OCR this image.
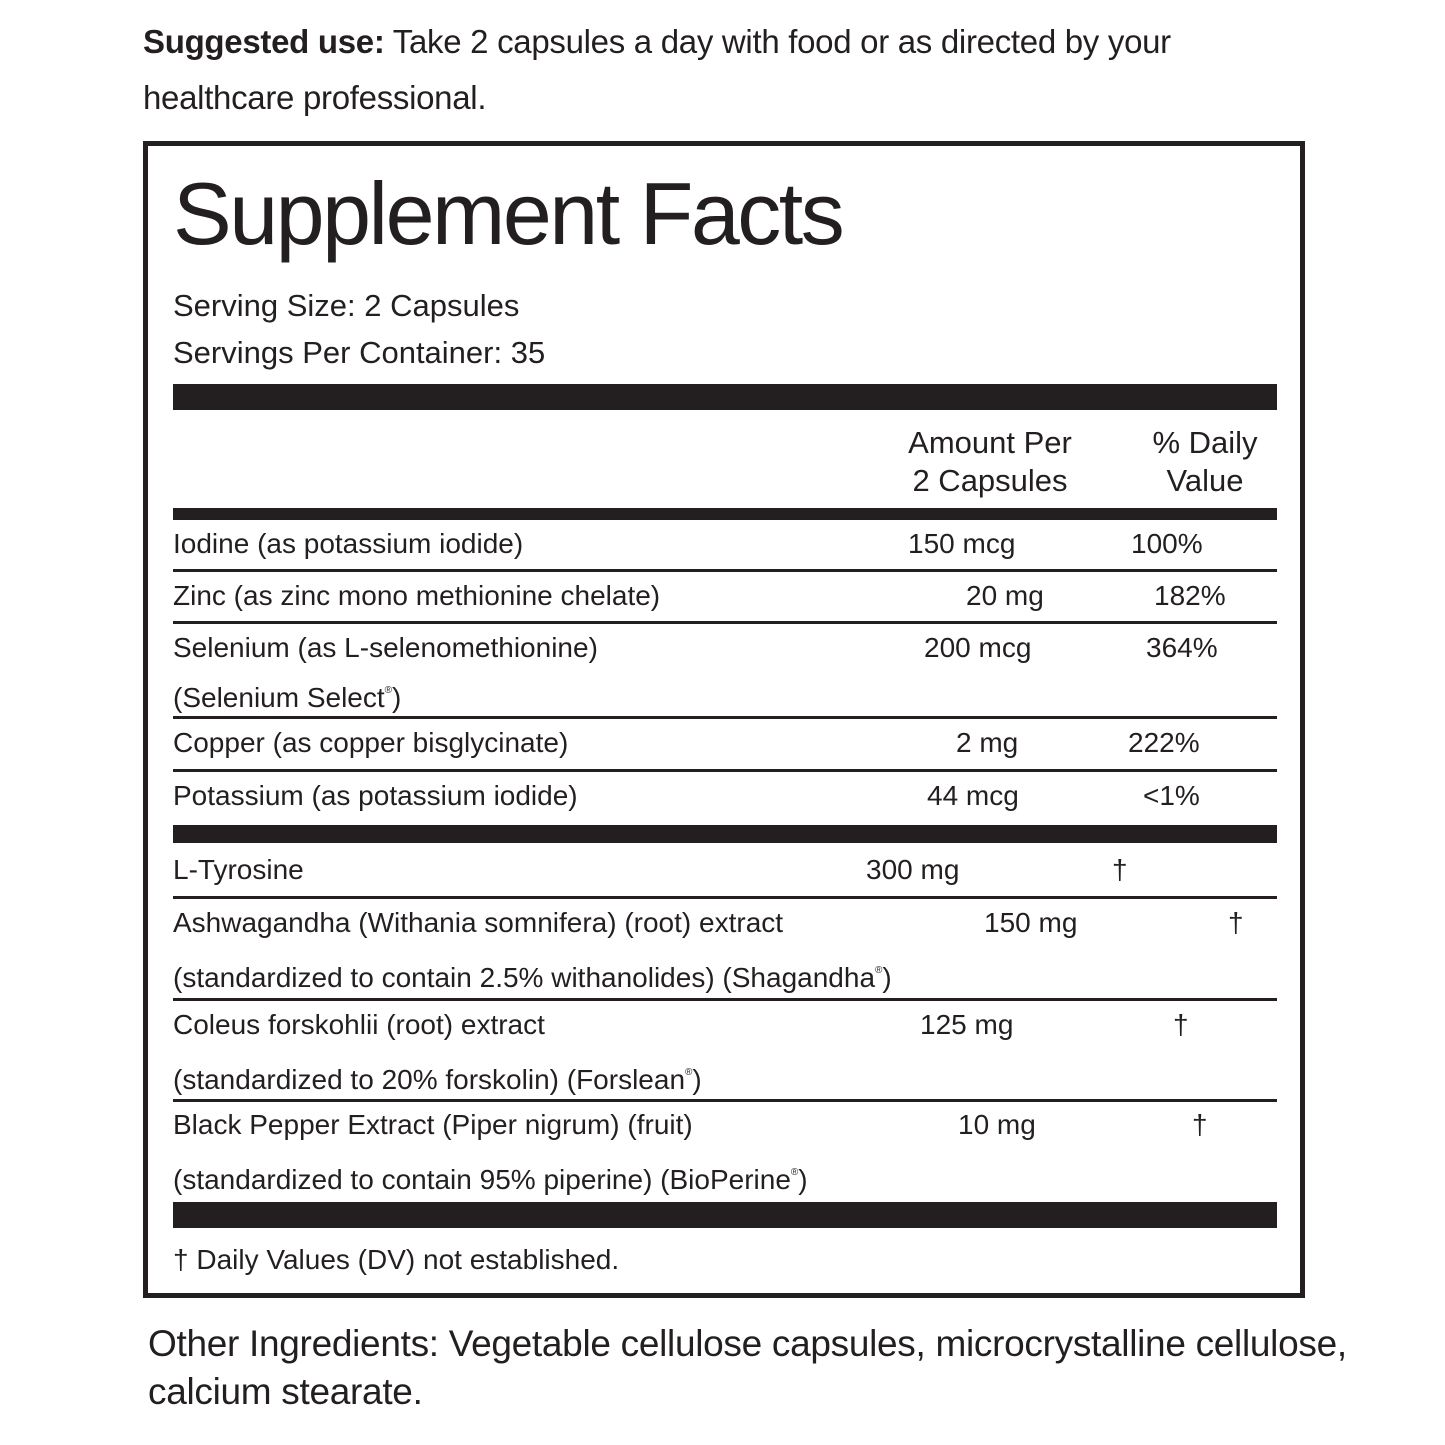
Suggested use: Take 2 capsules a day with food or as directed by your healthcare professional.
Supplement Facts
Serving Size: 2 Capsules
Servings Per Container: 35
Amount Per
2 Capsules
% Daily
Value
Iodine (as potassium iodide)	150 mcg	100%
Zinc (as zinc mono methionine chelate)	20 mg	182%
Selenium (as L-selenomethionine)
(Selenium Select®)
200 mcg	364%
Copper (as copper bisglycinate)	2 mg	222%
Potassium (as potassium iodide)	44 mcg	<1%
L-Tyrosine	300 mg	†
Ashwagandha (Withania somnifera) (root) extract
(standardized to contain 2.5% withanolides) (Shagandha®)
150 mg	†
Coleus forskohlii (root) extract
(standardized to 20% forskolin) (Forslean®)
125 mg	†
Black Pepper Extract (Piper nigrum) (fruit)
(standardized to contain 95% piperine) (BioPerine®)
10 mg	†
† Daily Values (DV) not established.
Other Ingredients: Vegetable cellulose capsules, microcrystalline cellulose, calcium stearate.
